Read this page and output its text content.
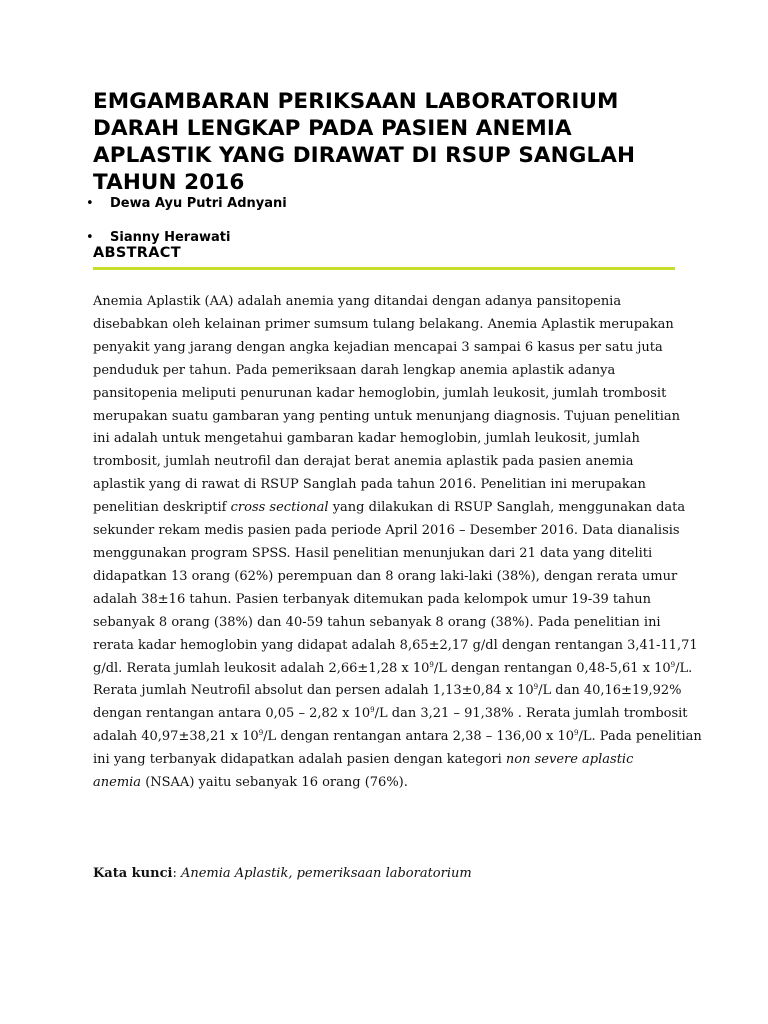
EMGAMBARAN PERIKSAAN LABORATORIUM DARAH LENGKAP PADA PASIEN ANEMIA APLASTIK YANG DIRAWAT DI RSUP SANGLAH TAHUN 2016
• Dewa Ayu Putri Adnyani
• Sianny Herawati
ABSTRACT

Anemia Aplastik (AA) adalah anemia yang ditandai dengan adanya pansitopenia
disebabkan oleh kelainan primer sumsum tulang belakang. Anemia Aplastik merupakan
penyakit yang jarang dengan angka kejadian mencapai 3 sampai 6 kasus per satu juta
penduduk per tahun. Pada pemeriksaan darah lengkap anemia aplastik adanya
pansitopenia meliputi penurunan kadar hemoglobin, jumlah leukosit, jumlah trombosit
merupakan suatu gambaran yang penting untuk menunjang diagnosis. Tujuan penelitian
ini adalah untuk mengetahui gambaran kadar hemoglobin, jumlah leukosit, jumlah
trombosit, jumlah neutrofil dan derajat berat anemia aplastik pada pasien anemia
aplastik yang di rawat di RSUP Sanglah pada tahun 2016. Penelitian ini merupakan
penelitian deskriptif cross sectional yang dilakukan di RSUP Sanglah, menggunakan data
sekunder rekam medis pasien pada periode April 2016 – Desember 2016. Data dianalisis
menggunakan program SPSS. Hasil penelitian menunjukan dari 21 data yang diteliti
didapatkan 13 orang (62%) perempuan dan 8 orang laki-laki (38%), dengan rerata umur
adalah 38±16 tahun. Pasien terbanyak ditemukan pada kelompok umur 19-39 tahun
sebanyak 8 orang (38%) dan 40-59 tahun sebanyak 8 orang (38%). Pada penelitian ini
rerata kadar hemoglobin yang didapat adalah 8,65±2,17 g/dl dengan rentangan 3,41-11,71
g/dl. Rerata jumlah leukosit adalah 2,66±1,28 x $10^9/L$ dengan rentangan 0,48-5,61 x $10^9/L$.
Rerata jumlah Neutrofil absolut dan persen adalah 1,13±0,84 x $10^9/L$ dan 40,16±19,92%
dengan rentangan antara 0,05 – 2,82 x $10^9/L$ dan 3,21 – 91,38% . Rerata jumlah trombosit
adalah 40,97±38,21 x $10^9/L$ dengan rentangan antara 2,38 – 136,00 x $10^9/L$. Pada penelitian
ini yang terbanyak didapatkan adalah pasien dengan kategori non severe aplastic
anemia (NSAA) yaitu sebanyak 16 orang (76%).

Kata kunci: Anemia Aplastik, pemeriksaan laboratorium
